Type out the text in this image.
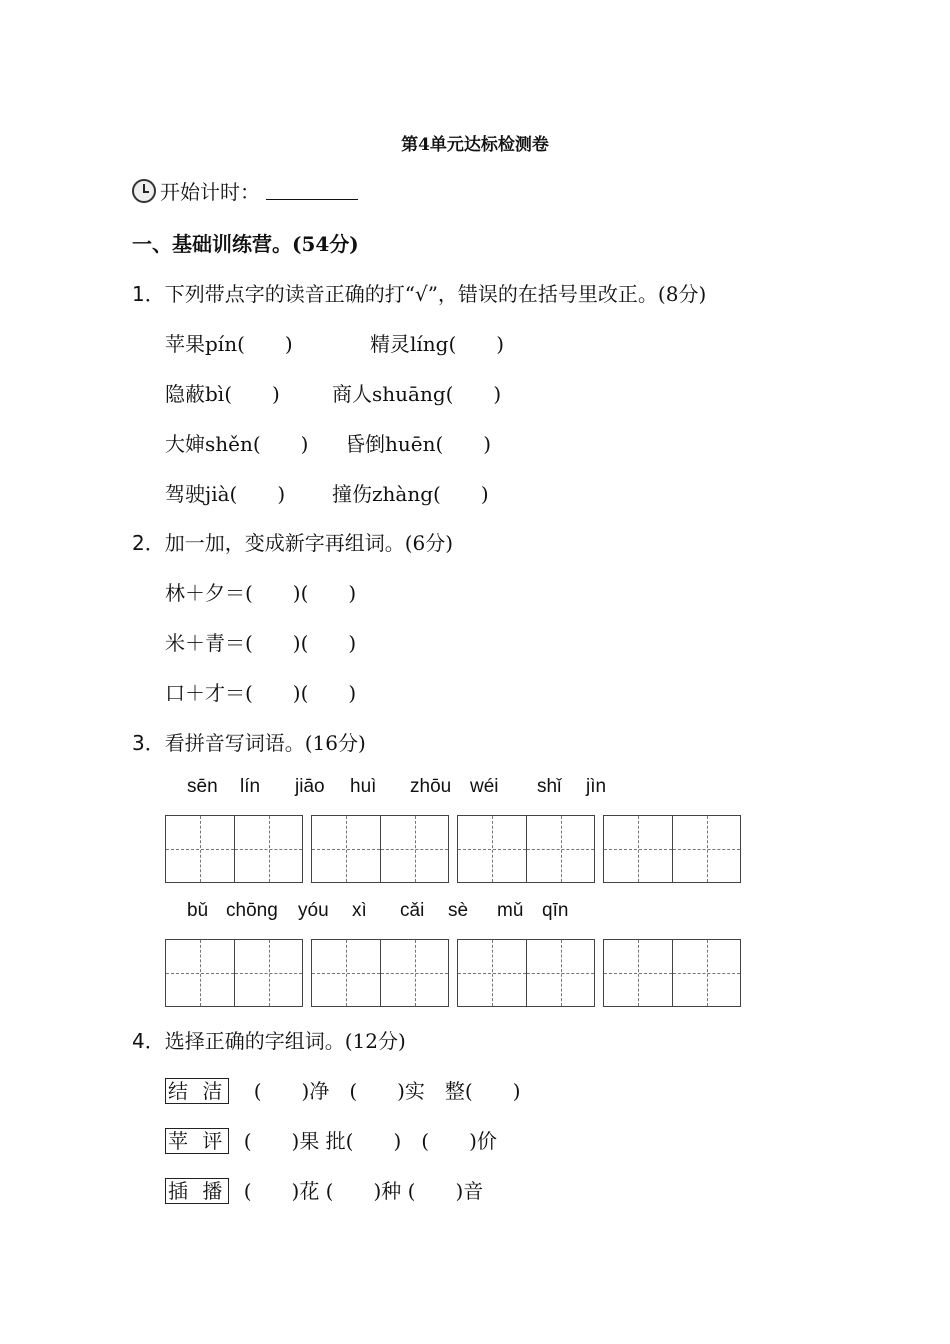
第4单元达标检测卷
开始计时：
一、基础训练营。(54分)
1．下列带点字的读音正确的打“√”，错误的在括号里改正。(8分)
苹果pín(　　)	精灵líng(　　)
隐蔽bì(　　)	商人shuāng(　　)
大婶shěn(　　) 昏倒huēn(　　)
驾驶jià(　　) 撞伤zhàng(　　)
2．加一加，变成新字再组词。(6分)
林＋夕＝(　　)(　　)
米＋青＝(　　)(　　)
口＋才＝(　　)(　　)
3．看拼音写词语。(16分)
sēn lín jiāo huì zhōu wéi shǐ jìn
bǔ chōng yóu xì cǎi sè mǔ qīn
4．选择正确的字组词。(12分)
结 洁 (　　)净　(　　)实　整(　　)
苹 评 (　　)果 批(　　)　(　　)价
插 播 (　　)花 (　　)种 (　　)音
